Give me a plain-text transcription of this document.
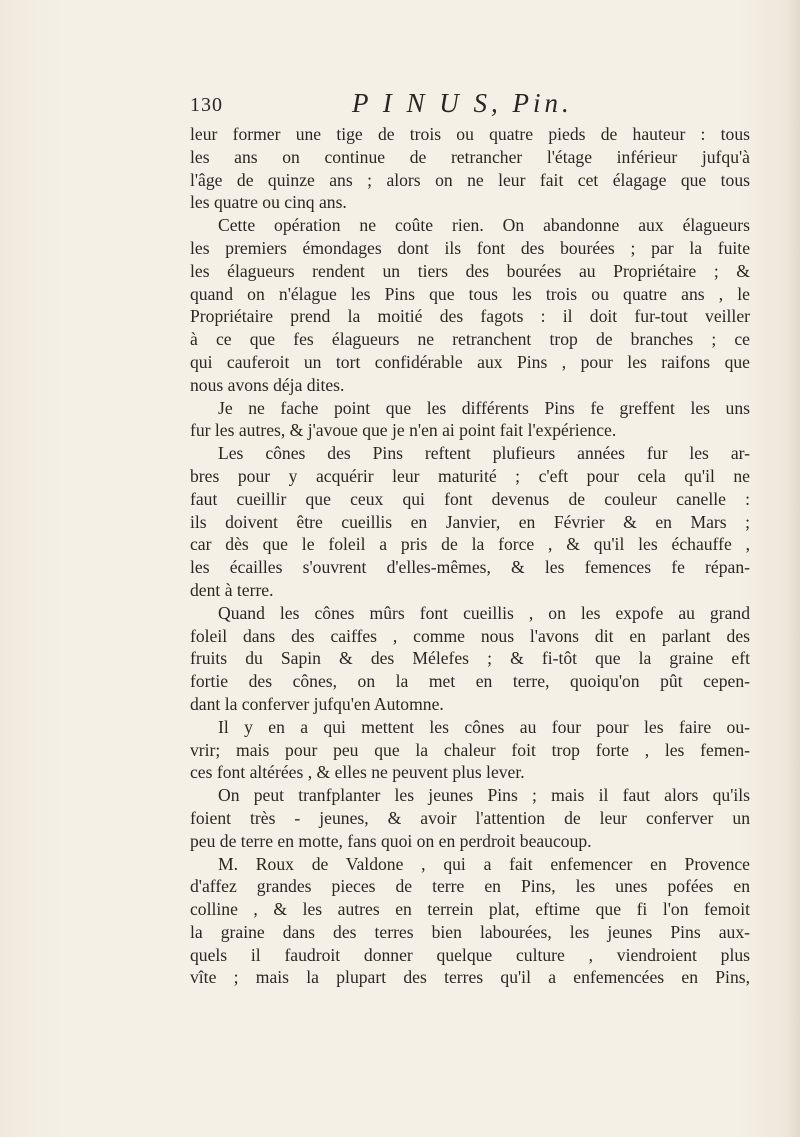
130	P I N U S, Pin.
leur former une tige de trois ou quatre pieds de hauteur : tous
les ans on continue de retrancher l'étage inférieur jufqu'à
l'âge de quinze ans ; alors on ne leur fait cet élagage que tous
les quatre ou cinq ans.
Cette opération ne coûte rien. On abandonne aux élagueurs
les premiers émondages dont ils font des bourées ; par la fuite
les élagueurs rendent un tiers des bourées au Propriétaire ; &
quand on n'élague les Pins que tous les trois ou quatre ans , le
Propriétaire prend la moitié des fagots : il doit fur-tout veiller
à ce que fes élagueurs ne retranchent trop de branches ; ce
qui cauferoit un tort confidérable aux Pins , pour les raifons que
nous avons déja dites.
Je ne fache point que les différents Pins fe greffent les uns
fur les autres, & j'avoue que je n'en ai point fait l'expérience.
Les cônes des Pins reftent plufieurs années fur les ar-
bres pour y acquérir leur maturité ; c'eft pour cela qu'il ne
faut cueillir que ceux qui font devenus de couleur canelle :
ils doivent être cueillis en Janvier, en Février & en Mars ;
car dès que le foleil a pris de la force , & qu'il les échauffe ,
les écailles s'ouvrent d'elles-mêmes, & les femences fe répan-
dent à terre.
Quand les cônes mûrs font cueillis , on les expofe au grand
foleil dans des caiffes , comme nous l'avons dit en parlant des
fruits du Sapin & des Mélefes ; & fi-tôt que la graine eft
fortie des cônes, on la met en terre, quoiqu'on pût cepen-
dant la conferver jufqu'en Automne.
Il y en a qui mettent les cônes au four pour les faire ou-
vrir; mais pour peu que la chaleur foit trop forte , les femen-
ces font altérées , & elles ne peuvent plus lever.
On peut tranfplanter les jeunes Pins ; mais il faut alors qu'ils
foient très - jeunes, & avoir l'attention de leur conferver un
peu de terre en motte, fans quoi on en perdroit beaucoup.
M. Roux de Valdone , qui a fait enfemencer en Provence
d'affez grandes pieces de terre en Pins, les unes pofées en
colline , & les autres en terrein plat, eftime que fi l'on femoit
la graine dans des terres bien labourées, les jeunes Pins aux-
quels il faudroit donner quelque culture , viendroient plus
vîte ; mais la plupart des terres qu'il a enfemencées en Pins,
